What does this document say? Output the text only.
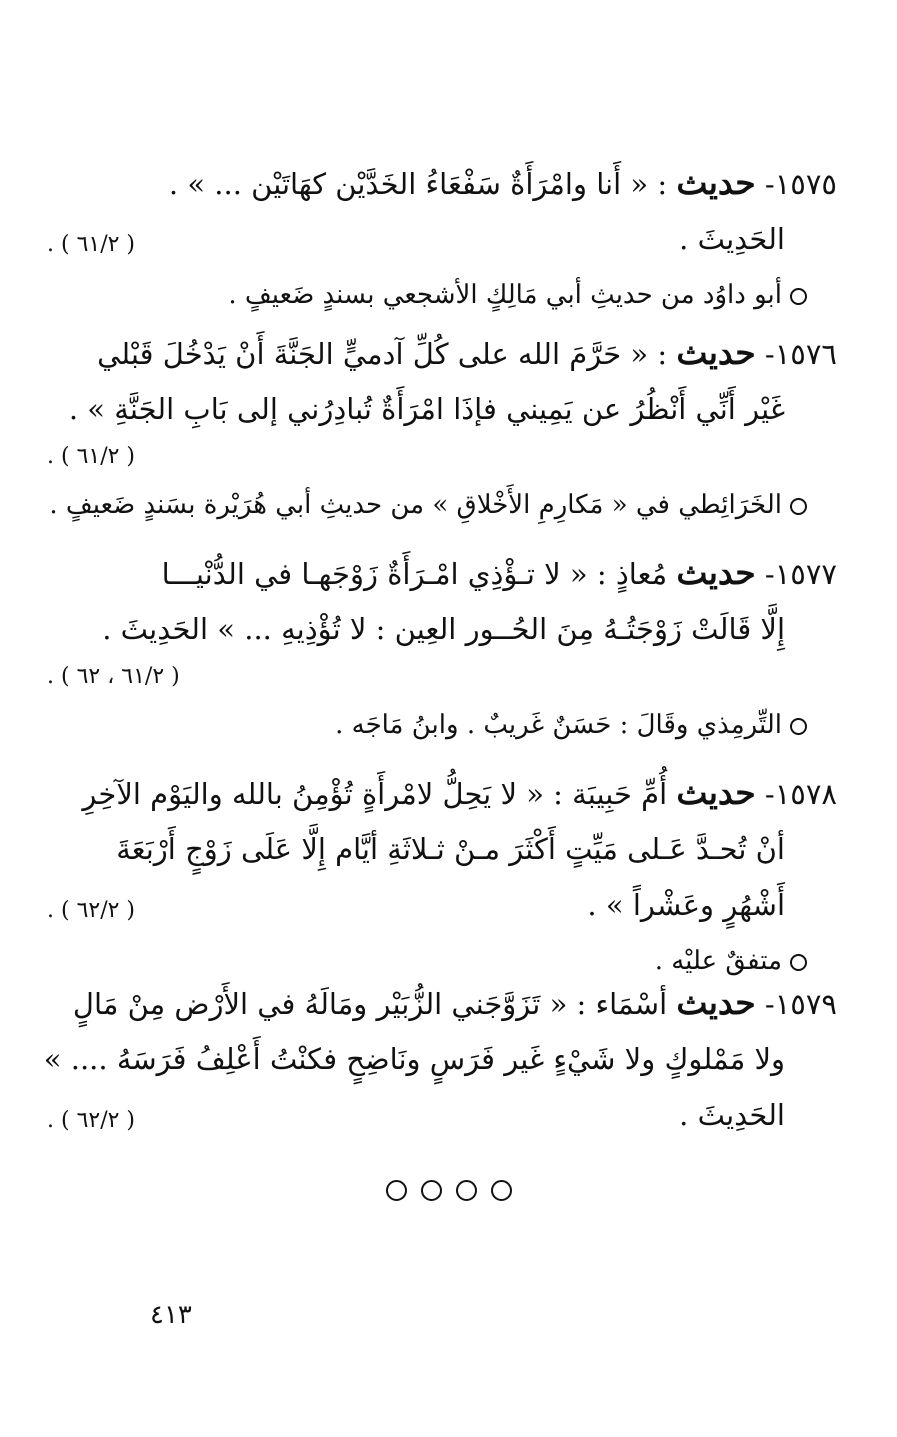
١٥٧٥- حديث : « أَنا وامْرَأَةٌ سَفْعَاءُ الخَدَّيْن كهَاتَيْن ... » .
الحَدِيثَ .
( ٦١/٢ ) .
أبو داوُد من حديثِ أبي مَالِكٍ الأشجعي بسندٍ ضَعيفٍ .
١٥٧٦- حديث : « حَرَّمَ الله على كُلِّ آدميٍّ الجَنَّةَ أَنْ يَدْخُلَ قَبْلي
غَيْر أَنِّي أَنْظُرُ عن يَمِيني فإذَا امْرَأَةٌ تُبادِرُني إلى بَابِ الجَنَّةِ » .
( ٦١/٢ ) .
الخَرَائِطي في « مَكارِمِ الأَخْلاقِ » من حديثِ أبي هُرَيْرة بسَندٍ ضَعيفٍ .
١٥٧٧- حديث مُعاذٍ : « لا تـؤْذِي امْـرَأَةٌ زَوْجَهـا في الدُّنْيـــا
إِلَّا قَالَتْ زَوْجَتُـهُ مِنَ الحُــور العِين : لا تُؤْذِيهِ ... » الحَدِيثَ .
( ٦١/٢ ، ٦٢ ) .
التِّرمِذي وقَالَ : حَسَنٌ غَريبٌ . وابنُ مَاجَه .
١٥٧٨- حديث أُمِّ حَبِيبَة : « لا يَحِلُّ لامْرأَةٍ تُؤْمِنُ بالله واليَوْم الآخِرِ
أنْ تُحـدَّ عَـلى مَيِّتٍ أَكْثَرَ مـنْ ثـلاثَةِ أيَّام إِلَّا عَلَى زَوْجٍ أَرْبَعَةَ
أَشْهُرٍ وعَشْراً » .
( ٦٢/٢ ) .
متفقٌ عليْه .
١٥٧٩- حديث أسْمَاء : « تَزَوَّجَني الزُّبَيْر ومَالَهُ في الأَرْض مِنْ مَالٍ
ولا مَمْلوكٍ ولا شَيْءٍ غَير فَرَسٍ ونَاضِحٍ فكنْتُ أَعْلِفُ فَرَسَهُ .... »
الحَدِيثَ .
( ٦٢/٢ ) .
٤١٣
